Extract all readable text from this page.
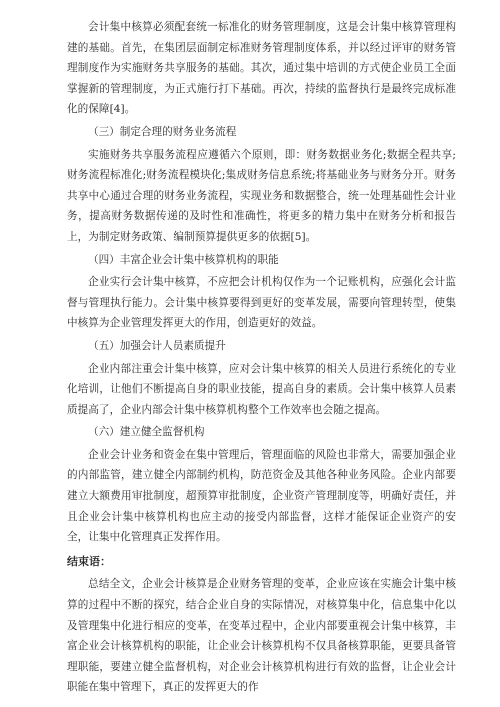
会计集中核算必须配套统一标准化的财务管理制度，这是会计集中核算管理构建的基础。首先，在集团层面制定标准财务管理制度体系，并以经过评审的财务管理制度作为实施财务共享服务的基础。其次，通过集中培训的方式使企业员工全面掌握新的管理制度，为正式施行打下基础。再次，持续的监督执行是最终完成标准化的保障[4]。

（三）制定合理的财务业务流程

实施财务共享服务流程应遵循六个原则，即：财务数据业务化;数据全程共享;财务流程标准化;财务流程模块化;集成财务信息系统;将基础业务与财务分开。财务共享中心通过合理的财务业务流程，实现业务和数据整合，统一处理基础性会计业务，提高财务数据传递的及时性和准确性，将更多的精力集中在财务分析和报告上，为制定财务政策、编制预算提供更多的依据[5]。

（四）丰富企业会计集中核算机构的职能

企业实行会计集中核算，不应把会计机构仅作为一个记账机构，应强化会计监督与管理执行能力。会计集中核算要得到更好的变革发展，需要向管理转型，使集中核算为企业管理发挥更大的作用，创造更好的效益。

（五）加强会计人员素质提升

企业内部注重会计集中核算，应对会计集中核算的相关人员进行系统化的专业化培训，让他们不断提高自身的职业技能，提高自身的素质。会计集中核算人员素质提高了，企业内部会计集中核算机构整个工作效率也会随之提高。

（六）建立健全监督机构

企业会计业务和资金在集中管理后，管理面临的风险也非常大，需要加强企业的内部监管，建立健全内部制约机构，防范资金及其他各种业务风险。企业内部要建立大额费用审批制度，超预算审批制度，企业资产管理制度等，明确好责任，并且企业会计集中核算机构也应主动的接受内部监督，这样才能保证企业资产的安全，让集中化管理真正发挥作用。

结束语：

总结全文，企业会计核算是企业财务管理的变革，企业应该在实施会计集中核算的过程中不断的探究，结合企业自身的实际情况，对核算集中化，信息集中化以及管理集中化进行相应的变革，在变革过程中，企业内部要重视会计集中核算，丰富企业会计核算机构的职能，让企业会计核算机构不仅具备核算职能，更要具备管理职能，要建立健全监督机构，对企业会计核算机构进行有效的监督，让企业会计职能在集中管理下，真正的发挥更大的作
